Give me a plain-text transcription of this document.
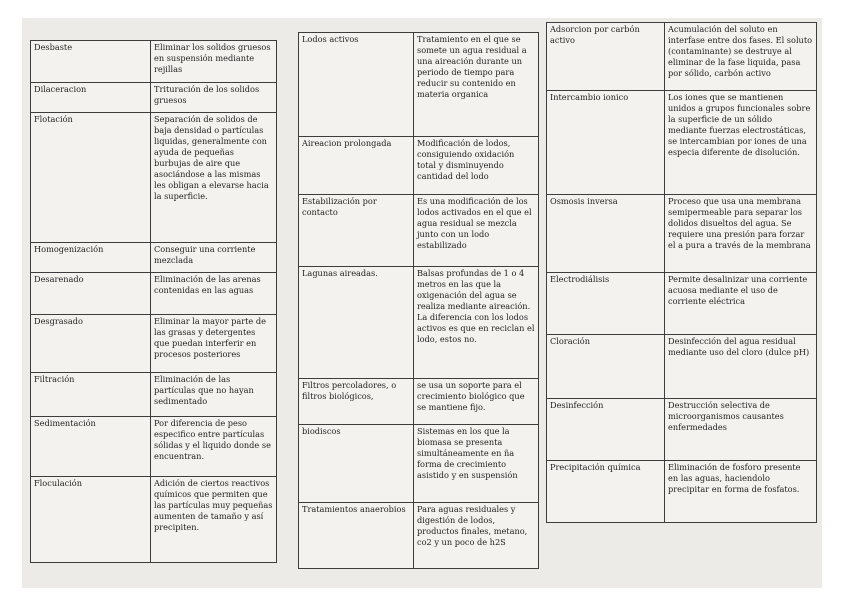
Desbaste	Eliminar los solidos gruesos en suspensión mediante rejillas
Dilaceracion	Trituración de los solidos gruesos
Flotación	Separación de solidos de baja densidad o partículas liquidas, generalmente con ayuda de pequeñas burbujas de aire que asociándose a las mismas les obligan a elevarse hacia la superficie.
Homogenización	Conseguir una corriente mezclada
Desarenado	Eliminación de las arenas contenidas en las aguas
Desgrasado	Eliminar la mayor parte de las grasas y detergentes que puedan interferir en procesos posteriores
Filtración	Eliminación de las partículas que no hayan sedimentado
Sedimentación	Por diferencia de peso especifico entre partículas sólidas y el liquido donde se encuentran.
Floculación	Adición de ciertos reactivos químicos que permiten que las partículas muy pequeñas aumenten de tamaño y así precipiten.
Lodos activos	Tratamiento en el que se somete un agua residual a una aireación durante un periodo de tiempo para reducir su contenido en materia organica
Aireacion prolongada	Modificación de lodos, consiguiendo oxidación total y disminuyendo cantidad del lodo
Estabilización por contacto	Es una modificación de los lodos activados en el que el agua residual se mezcla junto con un lodo estabilizado
Lagunas aireadas.	Balsas profundas de 1 o 4 metros en las que la oxigenación del agua se realiza mediante aireación. La diferencia con los lodos activos es que en reciclan el lodo, estos no.
Filtros percoladores, o filtros biológicos,	se usa un soporte para el crecimiento biológico que se mantiene fijo.
biodiscos	Sistemas en los que la biomasa se presenta simultáneamente en ña forma de crecimiento asistido y en suspensión
Tratamientos anaerobios	Para aguas residuales y digestión de lodos, productos finales, metano, co2 y un poco de h2S
Adsorcion por carbón activo	Acumulación del soluto en interfase entre dos fases. El soluto (contaminante) se destruye al eliminar de la fase liquida, pasa por sólido, carbón activo
Intercambio ionico	Los iones que se mantienen unidos a grupos funcionales sobre la superficie de un sólido mediante fuerzas electrostáticas, se intercambian por iones de una especia diferente de disolución.
Osmosis inversa	Proceso que usa una membrana semipermeable para separar los dolidos disueltos del agua. Se requiere una presión para forzar el a pura a través de la membrana
Electrodiálisis	Permite desalinizar una corriente acuosa mediante el uso de corriente eléctrica
Cloración	Desinfección del agua residual mediante uso del cloro (dulce pH)
Desinfección	Destrucción selectiva de microorganismos causantes enfermedades
Precipitación química	Eliminación de fosforo presente en las aguas, haciendolo precipitar en forma de fosfatos.
